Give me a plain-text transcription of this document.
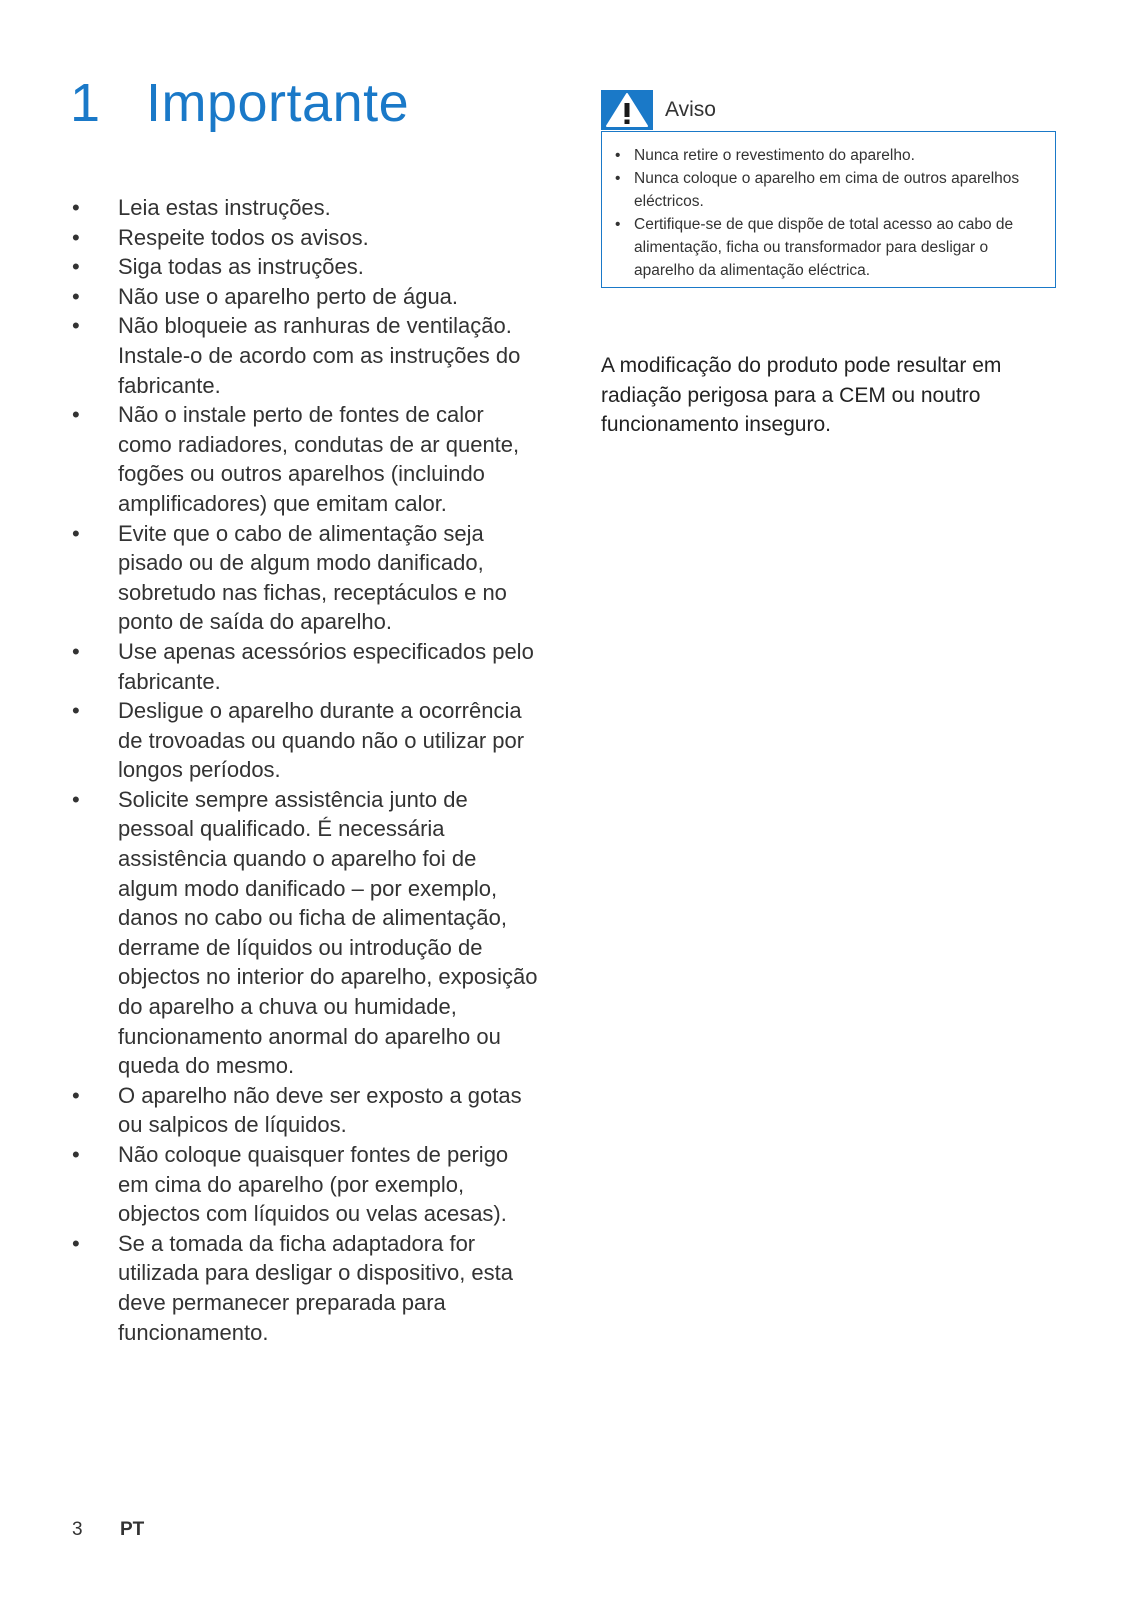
1 Importante
• Leia estas instruções.
• Respeite todos os avisos.
• Siga todas as instruções.
• Não use o aparelho perto de água.
• Não bloqueie as ranhuras de ventilação. Instale-o de acordo com as instruções do fabricante.
• Não o instale perto de fontes de calor como radiadores, condutas de ar quente, fogões ou outros aparelhos (incluindo amplificadores) que emitam calor.
• Evite que o cabo de alimentação seja pisado ou de algum modo danificado, sobretudo nas fichas, receptáculos e no ponto de saída do aparelho.
• Use apenas acessórios especificados pelo fabricante.
• Desligue o aparelho durante a ocorrência de trovoadas ou quando não o utilizar por longos períodos.
• Solicite sempre assistência junto de pessoal qualificado. É necessária assistência quando o aparelho foi de algum modo danificado – por exemplo, danos no cabo ou ficha de alimentação, derrame de líquidos ou introdução de objectos no interior do aparelho, exposição do aparelho a chuva ou humidade, funcionamento anormal do aparelho ou queda do mesmo.
• O aparelho não deve ser exposto a gotas ou salpicos de líquidos.
• Não coloque quaisquer fontes de perigo em cima do aparelho (por exemplo, objectos com líquidos ou velas acesas).
• Se a tomada da ficha adaptadora for utilizada para desligar o dispositivo, esta deve permanecer preparada para funcionamento.
Aviso
• Nunca retire o revestimento do aparelho.
• Nunca coloque o aparelho em cima de outros aparelhos eléctricos.
• Certifique-se de que dispõe de total acesso ao cabo de alimentação, ficha ou transformador para desligar o aparelho da alimentação eléctrica.

A modificação do produto pode resultar em radiação perigosa para a CEM ou noutro funcionamento inseguro.

3 PT
